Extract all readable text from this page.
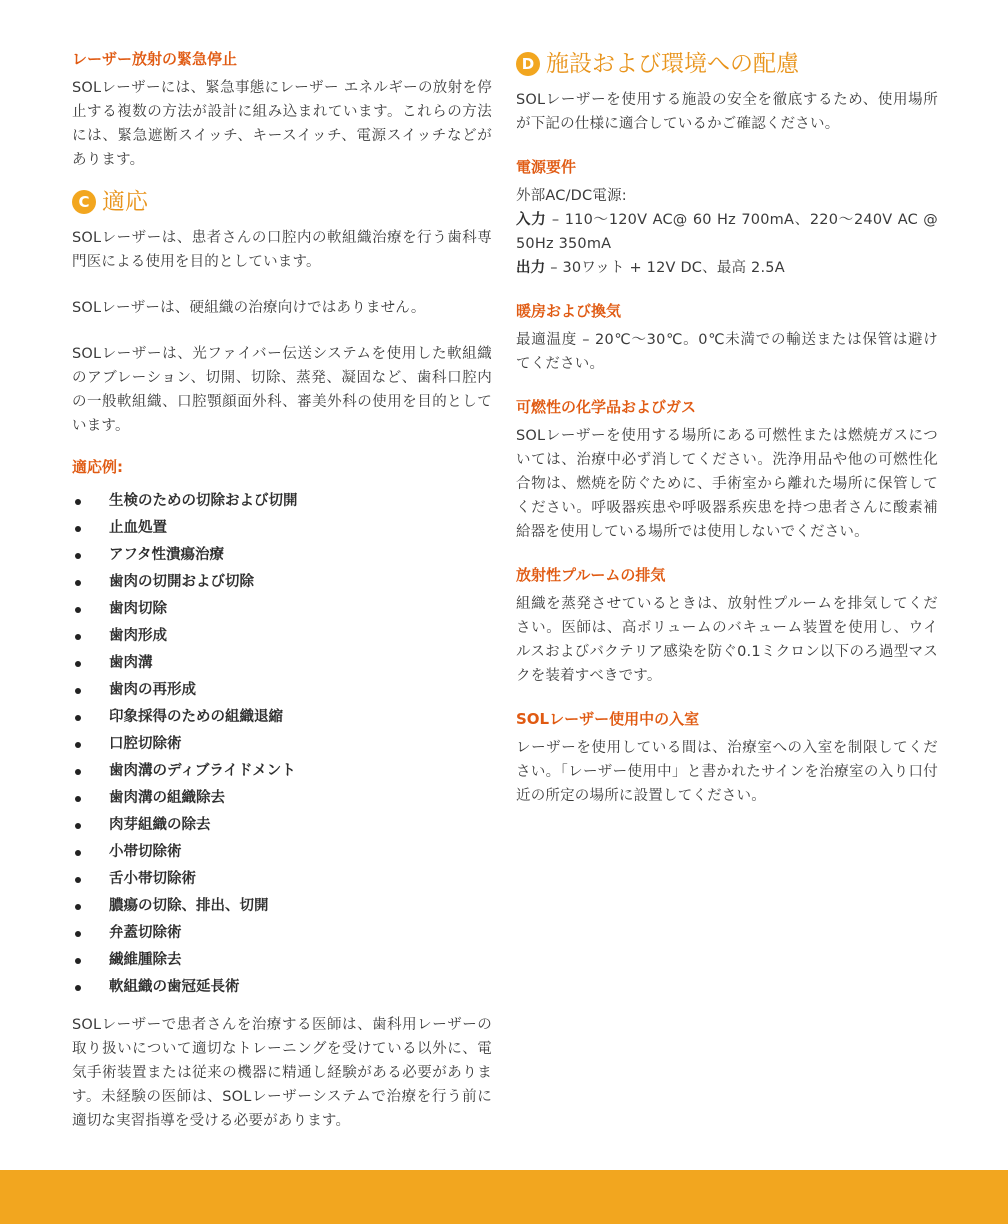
レーザー放射の緊急停止

SOLレーザーには、緊急事態にレーザー エネルギーの放射を停止する複数の方法が設計に組み込まれています。これらの方法には、緊急遮断スイッチ、キースイッチ、電源スイッチなどがあります。

C 適応

SOLレーザーは、患者さんの口腔内の軟組織治療を行う歯科専門医による使用を目的としています。

SOLレーザーは、硬組織の治療向けではありません。

SOLレーザーは、光ファイバー伝送システムを使用した軟組織のアブレーション、切開、切除、蒸発、凝固など、歯科口腔内の一般軟組織、口腔顎顔面外科、審美外科の使用を目的としています。

適応例:
生検のための切除および切開
止血処置
アフタ性潰瘍治療
歯肉の切開および切除
歯肉切除
歯肉形成
歯肉溝
歯肉の再形成
印象採得のための組織退縮
口腔切除術
歯肉溝のディブライドメント
歯肉溝の組織除去
肉芽組織の除去
小帯切除術
舌小帯切除術
膿瘍の切除、排出、切開
弁蓋切除術
繊維腫除去
軟組織の歯冠延長術

SOLレーザーで患者さんを治療する医師は、歯科用レーザーの取り扱いについて適切なトレーニングを受けている以外に、電気手術装置または従来の機器に精通し経験がある必要があります。未経験の医師は、SOLレーザーシステムで治療を行う前に適切な実習指導を受ける必要があります。

D 施設および環境への配慮

SOLレーザーを使用する施設の安全を徹底するため、使用場所が下記の仕様に適合しているかご確認ください。

電源要件

外部AC/DC電源:

入力 – 110〜120V AC@ 60 Hz 700mA、220〜240V AC @ 50Hz 350mA

出力 – 30ワット + 12V DC、最高 2.5A

暖房および換気

最適温度 – 20℃〜30℃。0℃未満での輸送または保管は避けてください。

可燃性の化学品およびガス

SOLレーザーを使用する場所にある可燃性または燃焼ガスについては、治療中必ず消してください。洗浄用品や他の可燃性化合物は、燃焼を防ぐために、手術室から離れた場所に保管してください。呼吸器疾患や呼吸器系疾患を持つ患者さんに酸素補給器を使用している場所では使用しないでください。

放射性プルームの排気

組織を蒸発させているときは、放射性プルームを排気してください。医師は、高ボリュームのバキューム装置を使用し、ウイルスおよびバクテリア感染を防ぐ0.1ミクロン以下のろ過型マスクを装着すべきです。

SOLレーザー使用中の入室

レーザーを使用している間は、治療室への入室を制限してください。「レーザー使用中」と書かれたサインを治療室の入り口付近の所定の場所に設置してください。
